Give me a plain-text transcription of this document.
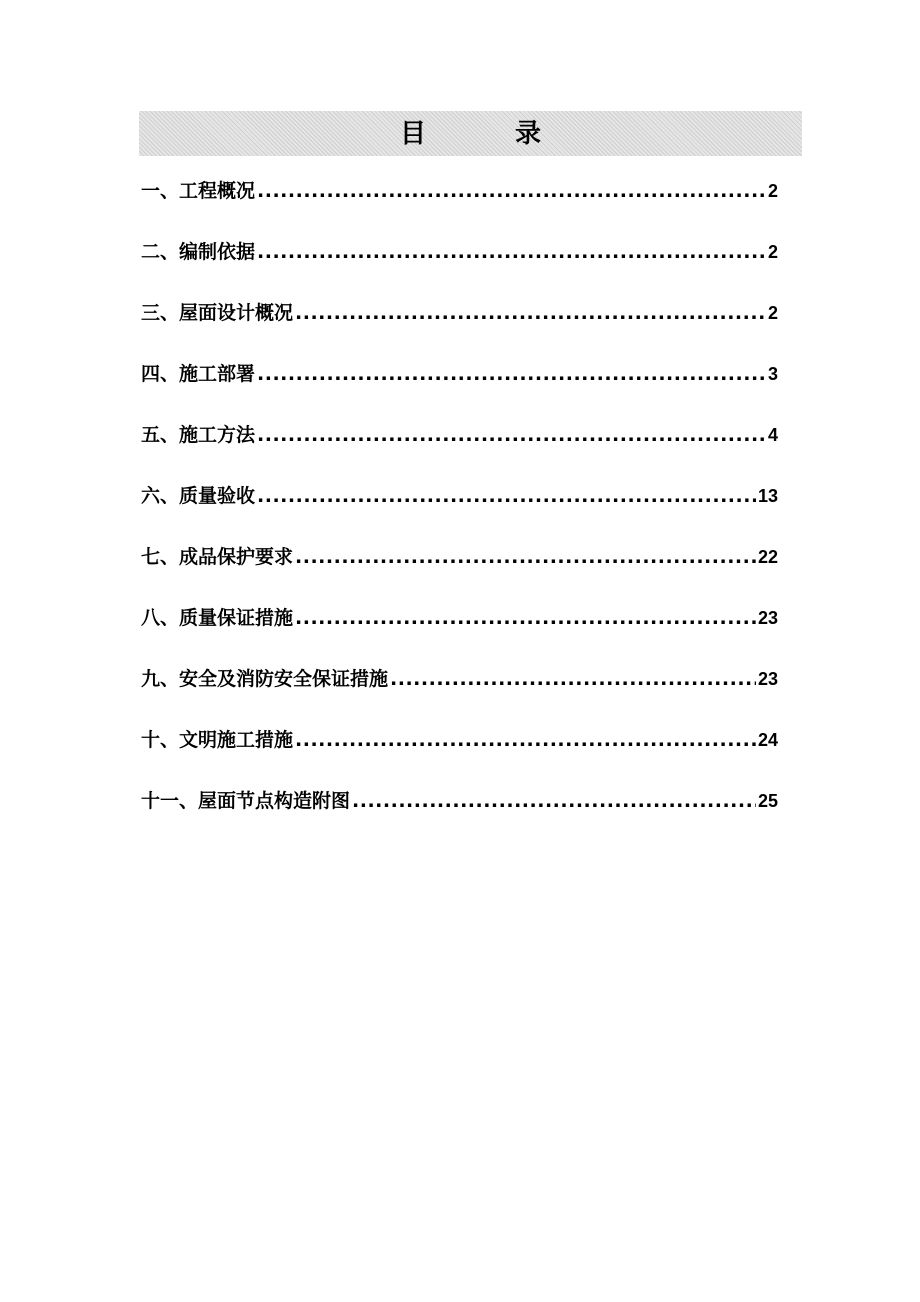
目 录
一、工程概况 .....	2
二、编制依据 .....	2
三、屋面设计概况 .....	2
四、施工部署 .....	3
五、施工方法 .....	4
六、质量验收 .....	13
七、成品保护要求 .....	22
八、质量保证措施 .....	23
九、安全及消防安全保证措施 .....	23
十、文明施工措施 .....	24
十一、屋面节点构造附图 .....	25
